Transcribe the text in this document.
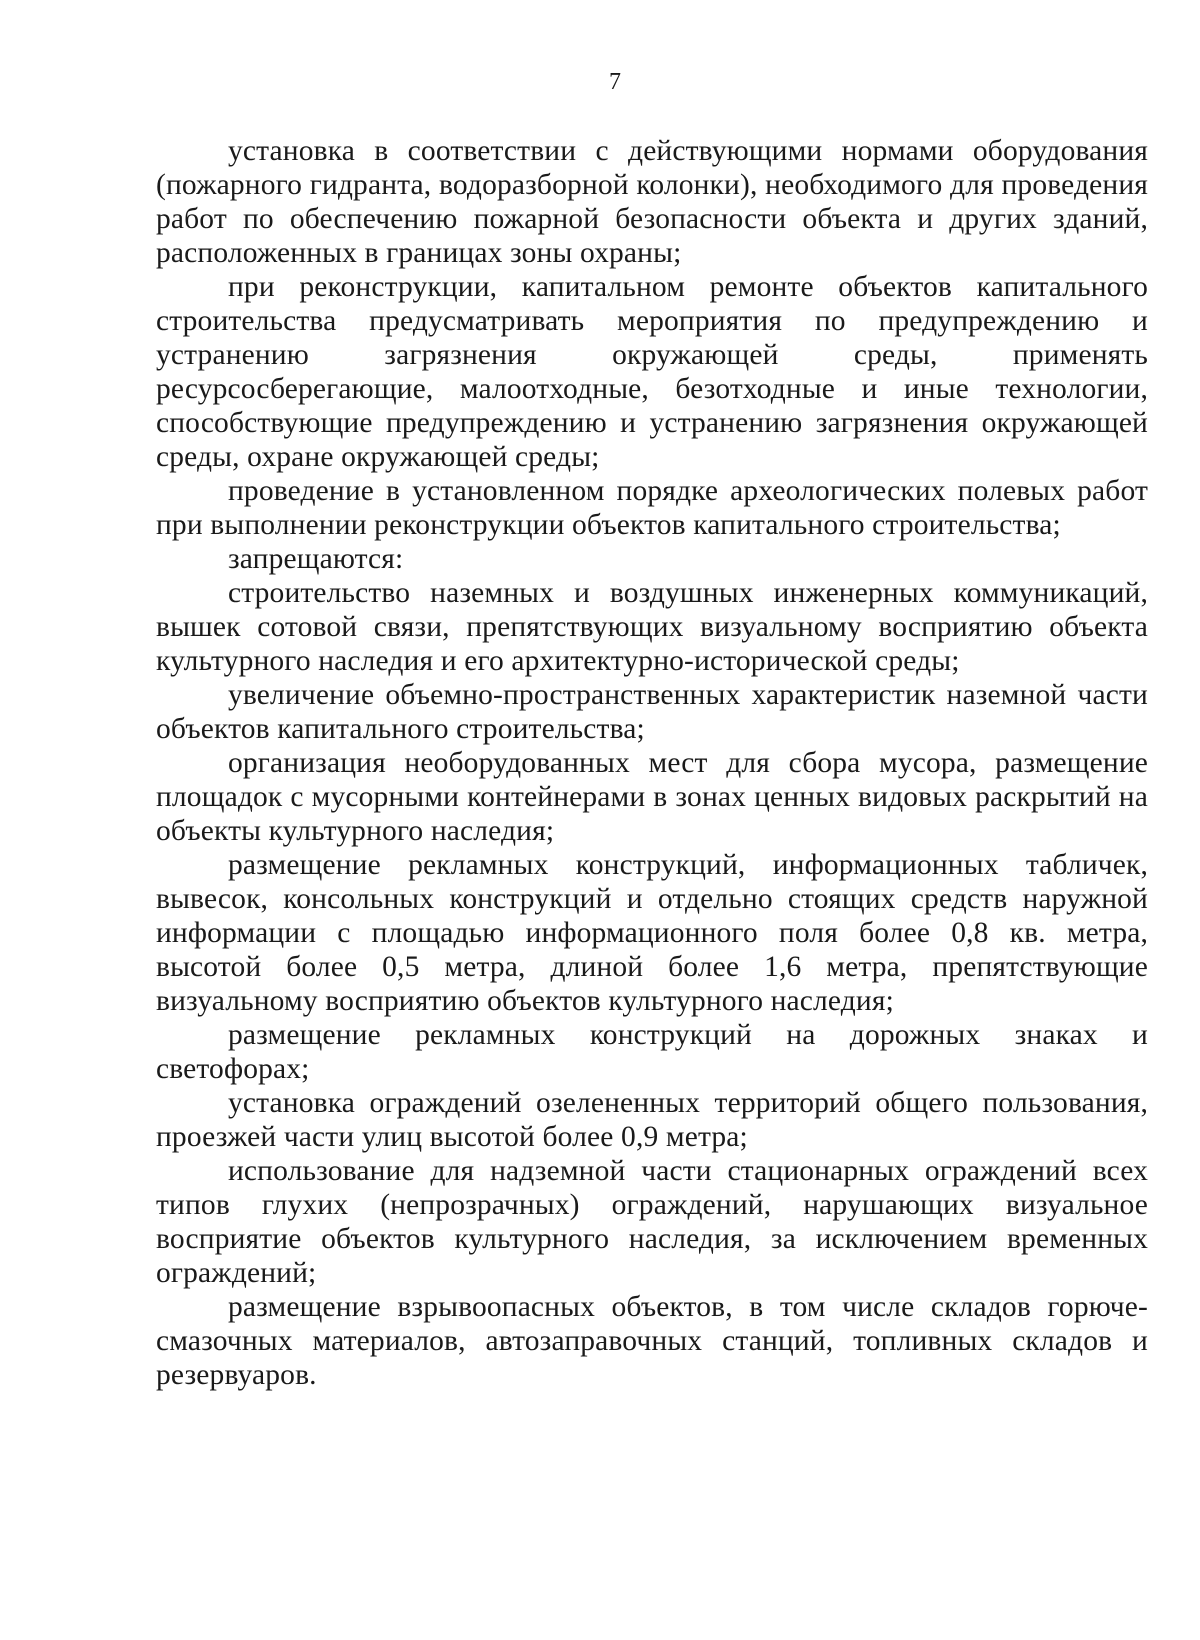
7

установка в соответствии с действующими нормами оборудования (пожарного гидранта, водоразборной колонки), необходимого для проведения работ по обеспечению пожарной безопасности объекта и других зданий, расположенных в границах зоны охраны;

при реконструкции, капитальном ремонте объектов капитального строительства предусматривать мероприятия по предупреждению и устранению загрязнения окружающей среды, применять ресурсосберегающие, малоотходные, безотходные и иные технологии, способствующие предупреждению и устранению загрязнения окружающей среды, охране окружающей среды;

проведение в установленном порядке археологических полевых работ при выполнении реконструкции объектов капитального строительства;

запрещаются:

строительство наземных и воздушных инженерных коммуникаций, вышек сотовой связи, препятствующих визуальному восприятию объекта культурного наследия и его архитектурно-исторической среды;

увеличение объемно-пространственных характеристик наземной части объектов капитального строительства;

организация необорудованных мест для сбора мусора, размещение площадок с мусорными контейнерами в зонах ценных видовых раскрытий на объекты культурного наследия;

размещение рекламных конструкций, информационных табличек, вывесок, консольных конструкций и отдельно стоящих средств наружной информации с площадью информационного поля более 0,8 кв. метра, высотой более 0,5 метра, длиной более 1,6 метра, препятствующие визуальному восприятию объектов культурного наследия;

размещение рекламных конструкций на дорожных знаках и светофорах;

установка ограждений озелененных территорий общего пользования, проезжей части улиц высотой более 0,9 метра;

использование для надземной части стационарных ограждений всех типов глухих (непрозрачных) ограждений, нарушающих визуальное восприятие объектов культурного наследия, за исключением временных ограждений;

размещение взрывоопасных объектов, в том числе складов горюче-смазочных материалов, автозаправочных станций, топливных складов и резервуаров.
